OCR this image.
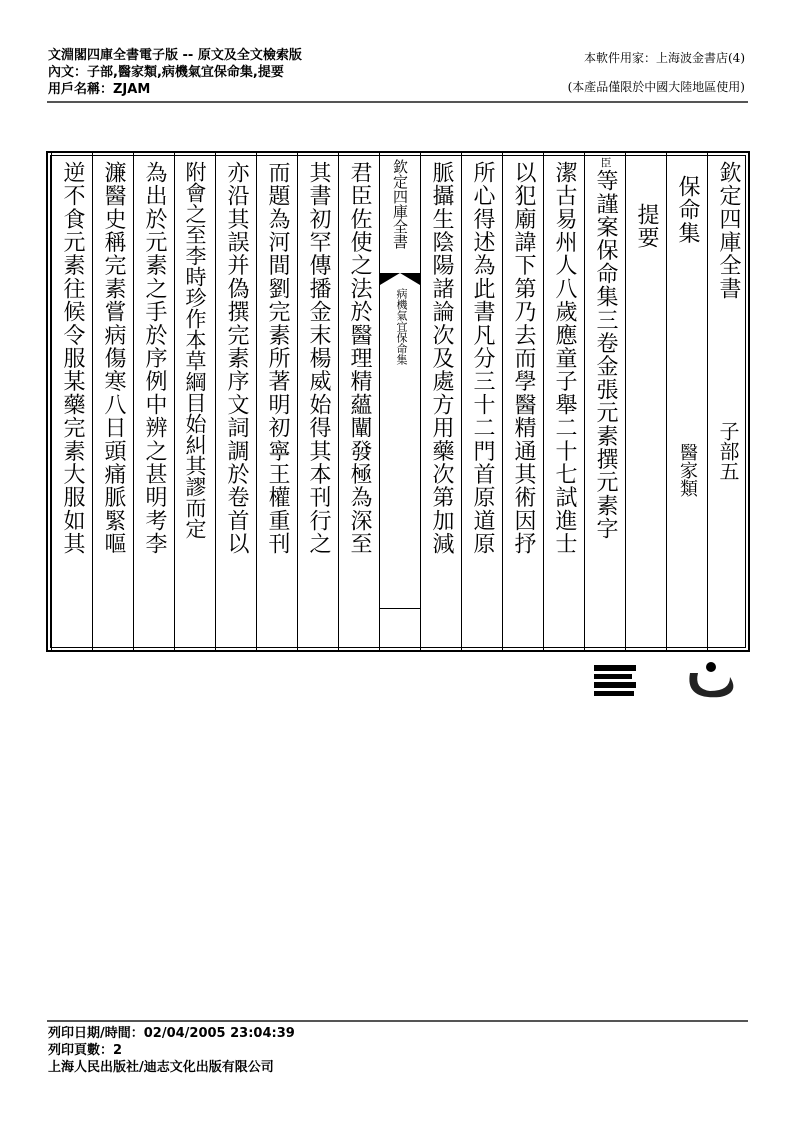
文淵閣四庫全書電子版 -- 原文及全文檢索版
內文：子部,醫家類,病機氣宜保命集,提要
用戶名稱：ZJAM
本軟件用家：上海波金書店(4)
(本產品僅限於中國大陸地區使用)
欽定四庫全書
子部五
保命集
醫家類
提要
$^臣$等謹案保命集三卷金張元素撰元素字
潔古易州人八歲應童子舉二十七試進士
以犯廟諱下第乃去而學醫精通其術因抒
所心得述為此書凡分三十二門首原道原
脈攝生陰陽諸論次及處方用藥次第加減
欽定四庫全書
病機氣宜保命集
君臣佐使之法於醫理精蘊闡發極為深至
其書初罕傳播金末楊威始得其本刊行之
而題為河間劉完素所著明初寧王權重刊
亦沿其誤并偽撰完素序文詞調於卷首以
附會之至李時珍作本草綱目始糾其謬而定
為出於元素之手於序例中辨之甚明考李
濂醫史稱完素嘗病傷寒八日頭痛脈緊嘔
逆不食元素往候令服某藥完素大服如其
列印日期/時間：02/04/2005 23:04:39
列印頁數：2
上海人民出版社/迪志文化出版有限公司
